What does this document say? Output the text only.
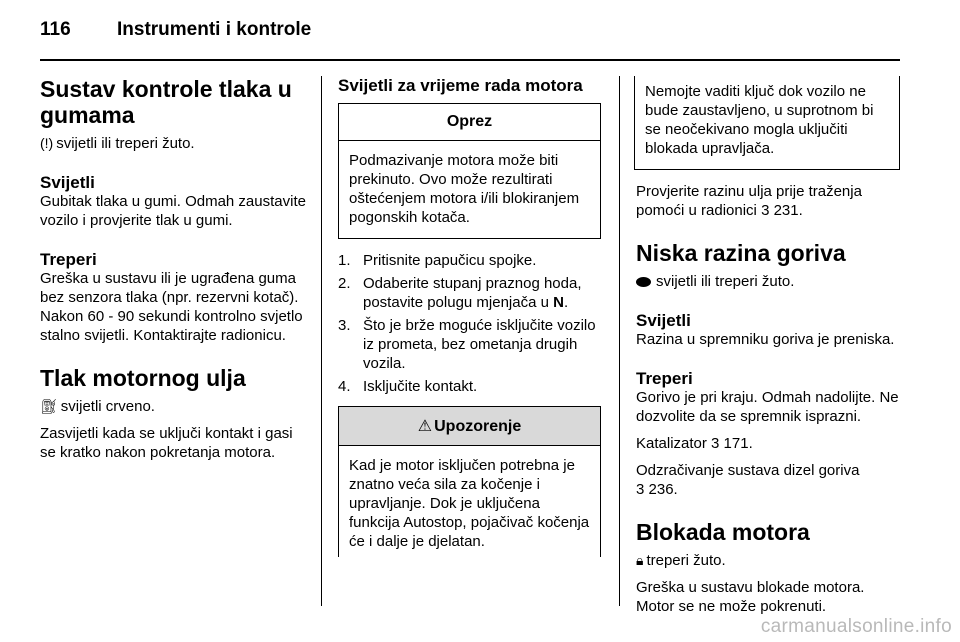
116 Instrumenti i kontrole
Sustav kontrole tlaka u gumama

(!) svijetli ili treperi žuto.

Svijetli

Gubitak tlaka u gumi. Odmah zaustavite vozilo i provjerite tlak u gumi.

Treperi

Greška u sustavu ili je ugrađena guma bez senzora tlaka (npr. rezervni kotač). Nakon 60 - 90 sekundi kontrolno svjetlo stalno svijetli. Kontaktirajte radionicu.

Tlak motornog ulja

⛽︎ svijetli crveno.

Zasvijetli kada se uključi kontakt i gasi se kratko nakon pokretanja motora.

Svijetli za vrijeme rada motora
Oprez
Podmazivanje motora može biti prekinuto. Ovo može rezultirati oštećenjem motora i/ili blokiranjem pogonskih kotača.
1. Pritisnite papučicu spojke.
2. Odaberite stupanj praznog hoda, postavite polugu mjenjača u N.
3. Što je brže moguće isključite vozilo iz prometa, bez ometanja drugih vozila.
4. Isključite kontakt.
⚠ Upozorenje
Kad je motor isključen potrebna je znatno veća sila za kočenje i upravljanje. Dok je uključena funkcija Autostop, pojačivač kočenja će i dalje je djelatan.
Nemojte vaditi ključ dok vozilo ne bude zaustavljeno, u suprotnom bi se neočekivano mogla uključiti blokada upravljača.

Provjerite razinu ulja prije traženja pomoći u radionici 3 231.

Niska razina goriva

svijetli ili treperi žuto.

Svijetli

Razina u spremniku goriva je preniska.

Treperi

Gorivo je pri kraju. Odmah nadolijte. Ne dozvolite da se spremnik isprazni.

Katalizator 3 171.

Odzračivanje sustava dizel goriva
3 236.

Blokada motora

🔒︎ treperi žuto.

Greška u sustavu blokade motora. Motor se ne može pokrenuti.

carmanualsonline.info
